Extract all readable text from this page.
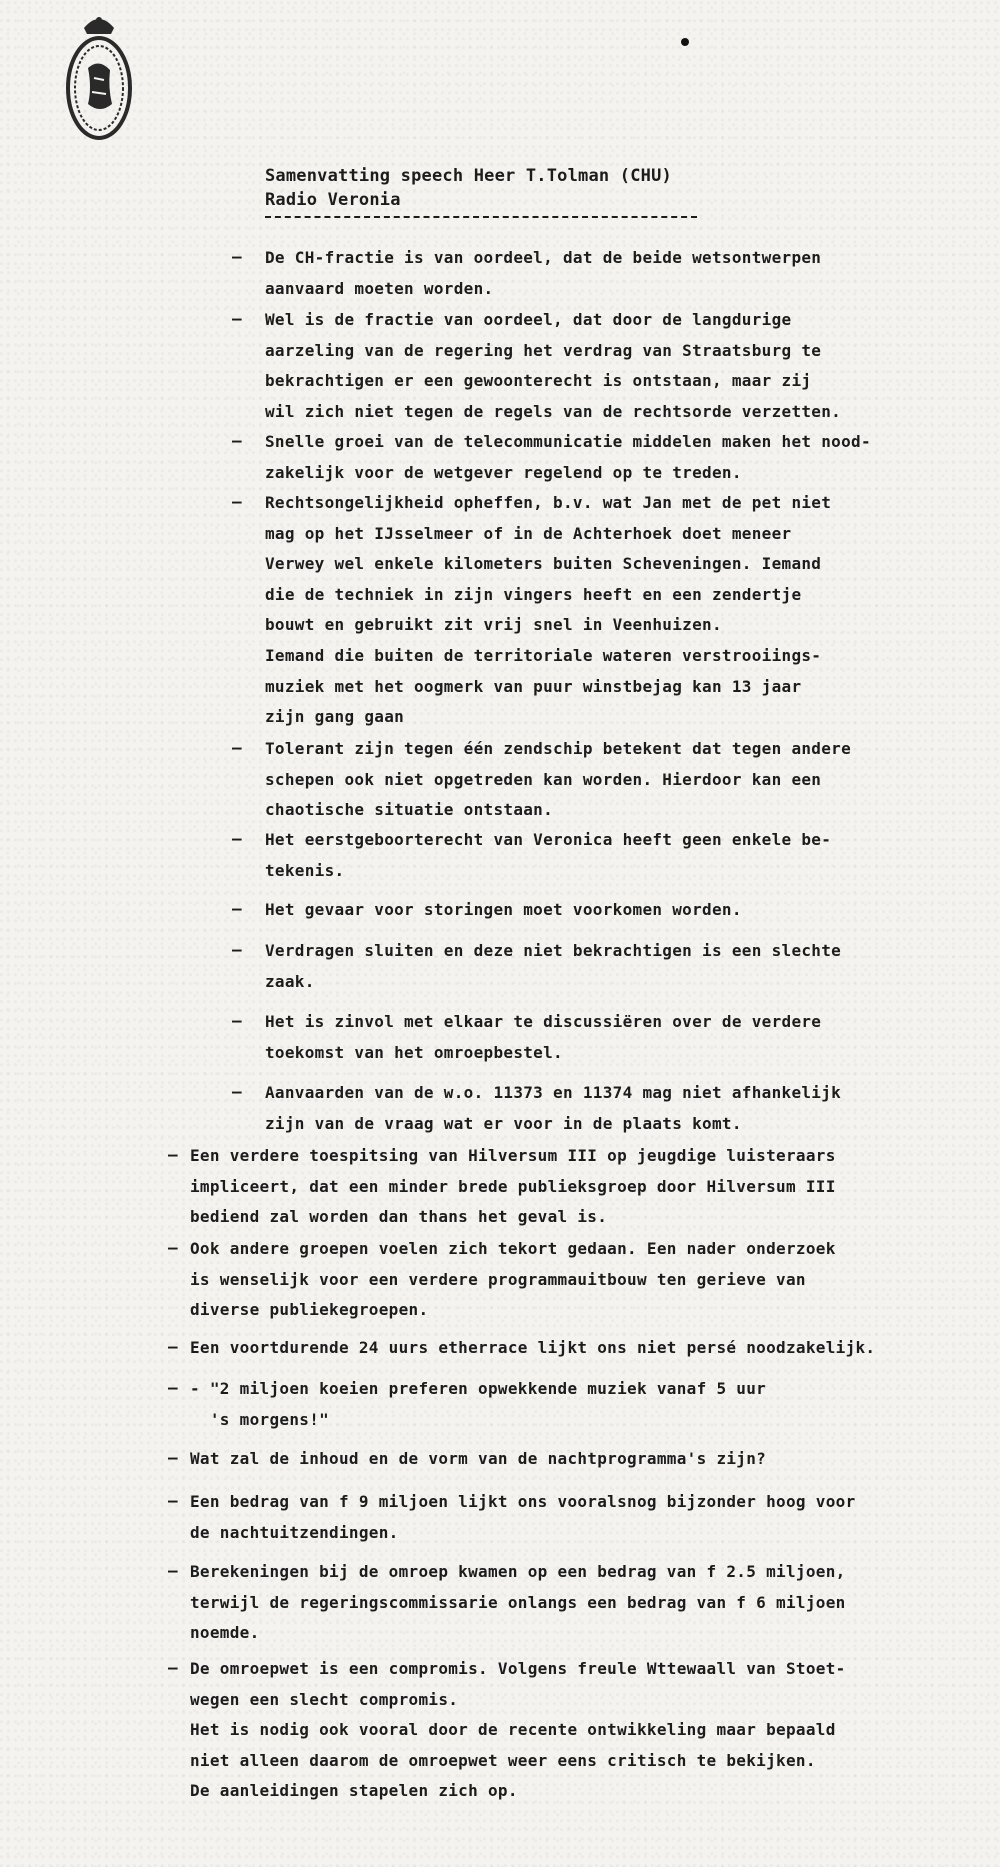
Samenvatting speech Heer T.Tolman (CHU)
Radio Veronia
— De CH-fractie is van oordeel, dat de beide wetsontwerpen
aanvaard moeten worden.
— Wel is de fractie van oordeel, dat door de langdurige
aarzeling van de regering het verdrag van Straatsburg te
bekrachtigen er een gewoonterecht is ontstaan, maar zij
wil zich niet tegen de regels van de rechtsorde verzetten.
— Snelle groei van de telecommunicatie middelen maken het nood-
zakelijk voor de wetgever regelend op te treden.
— Rechtsongelijkheid opheffen, b.v. wat Jan met de pet niet
mag op het IJsselmeer of in de Achterhoek doet meneer
Verwey wel enkele kilometers buiten Scheveningen. Iemand
die de techniek in zijn vingers heeft en een zendertje
bouwt en gebruikt zit vrij snel in Veenhuizen.
Iemand die buiten de territoriale wateren verstrooiings-
muziek met het oogmerk van puur winstbejag kan 13 jaar
zijn gang gaan
— Tolerant zijn tegen één zendschip betekent dat tegen andere
schepen ook niet opgetreden kan worden. Hierdoor kan een
chaotische situatie ontstaan.
— Het eerstgeboorterecht van Veronica heeft geen enkele be-
tekenis.
— Het gevaar voor storingen moet voorkomen worden.
— Verdragen sluiten en deze niet bekrachtigen is een slechte
zaak.
— Het is zinvol met elkaar te discussiëren over de verdere
toekomst van het omroepbestel.
— Aanvaarden van de w.o. 11373 en 11374 mag niet afhankelijk
zijn van de vraag wat er voor in de plaats komt.
— Een verdere toespitsing van Hilversum III op jeugdige luisteraars
impliceert, dat een minder brede publieksgroep door Hilversum III
bediend zal worden dan thans het geval is.
— Ook andere groepen voelen zich tekort gedaan. Een nader onderzoek
is wenselijk voor een verdere programmauitbouw ten gerieve van
diverse publiekegroepen.
— Een voortdurende 24 uurs etherrace lijkt ons niet persé noodzakelijk.
— - "2 miljoen koeien preferen opwekkende muziek vanaf 5 uur
's morgens!"
— Wat zal de inhoud en de vorm van de nachtprogramma's zijn?
— Een bedrag van f 9 miljoen lijkt ons vooralsnog bijzonder hoog voor
de nachtuitzendingen.
— Berekeningen bij de omroep kwamen op een bedrag van f 2.5 miljoen,
terwijl de regeringscommissarie onlangs een bedrag van f 6 miljoen
noemde.
— De omroepwet is een compromis. Volgens freule Wttewaall van Stoet-
wegen een slecht compromis.
Het is nodig ook vooral door de recente ontwikkeling maar bepaald
niet alleen daarom de omroepwet weer eens critisch te bekijken.
De aanleidingen stapelen zich op.
